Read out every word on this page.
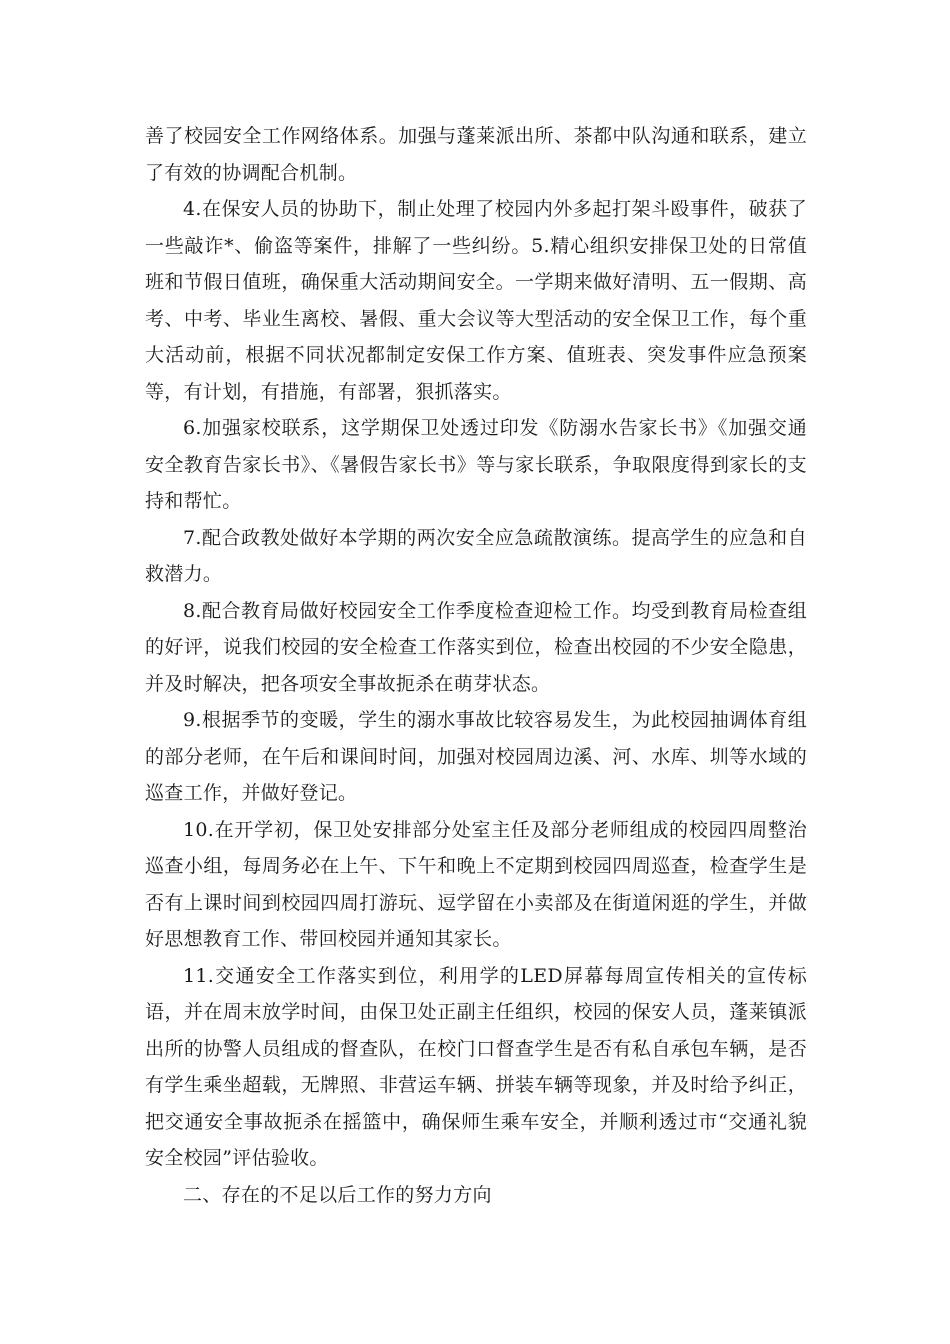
善了校园安全工作网络体系。加强与蓬莱派出所、茶都中队沟通和联系，建立了有效的协调配合机制。

4.在保安人员的协助下，制止处理了校园内外多起打架斗殴事件，破获了一些敲诈*、偷盗等案件，排解了一些纠纷。5.精心组织安排保卫处的日常值班和节假日值班，确保重大活动期间安全。一学期来做好清明、五一假期、高考、中考、毕业生离校、暑假、重大会议等大型活动的安全保卫工作，每个重大活动前，根据不同状况都制定安保工作方案、值班表、突发事件应急预案等，有计划，有措施，有部署，狠抓落实。

6.加强家校联系，这学期保卫处透过印发《防溺水告家长书》《加强交通安全教育告家长书》、《暑假告家长书》等与家长联系，争取限度得到家长的支持和帮忙。

7.配合政教处做好本学期的两次安全应急疏散演练。提高学生的应急和自救潜力。

8.配合教育局做好校园安全工作季度检查迎检工作。均受到教育局检查组的好评，说我们校园的安全检查工作落实到位，检查出校园的不少安全隐患，并及时解决，把各项安全事故扼杀在萌芽状态。

9.根据季节的变暖，学生的溺水事故比较容易发生，为此校园抽调体育组的部分老师，在午后和课间时间，加强对校园周边溪、河、水库、圳等水域的巡查工作，并做好登记。

10.在开学初，保卫处安排部分处室主任及部分老师组成的校园四周整治巡查小组，每周务必在上午、下午和晚上不定期到校园四周巡查，检查学生是否有上课时间到校园四周打游玩、逗学留在小卖部及在街道闲逛的学生，并做好思想教育工作、带回校园并通知其家长。

11.交通安全工作落实到位，利用学的LED屏幕每周宣传相关的宣传标语，并在周末放学时间，由保卫处正副主任组织，校园的保安人员，蓬莱镇派出所的协警人员组成的督查队，在校门口督查学生是否有私自承包车辆，是否有学生乘坐超载，无牌照、非营运车辆、拼装车辆等现象，并及时给予纠正，把交通安全事故扼杀在摇篮中，确保师生乘车安全，并顺利透过市“交通礼貌安全校园”评估验收。

二、存在的不足以后工作的努力方向
